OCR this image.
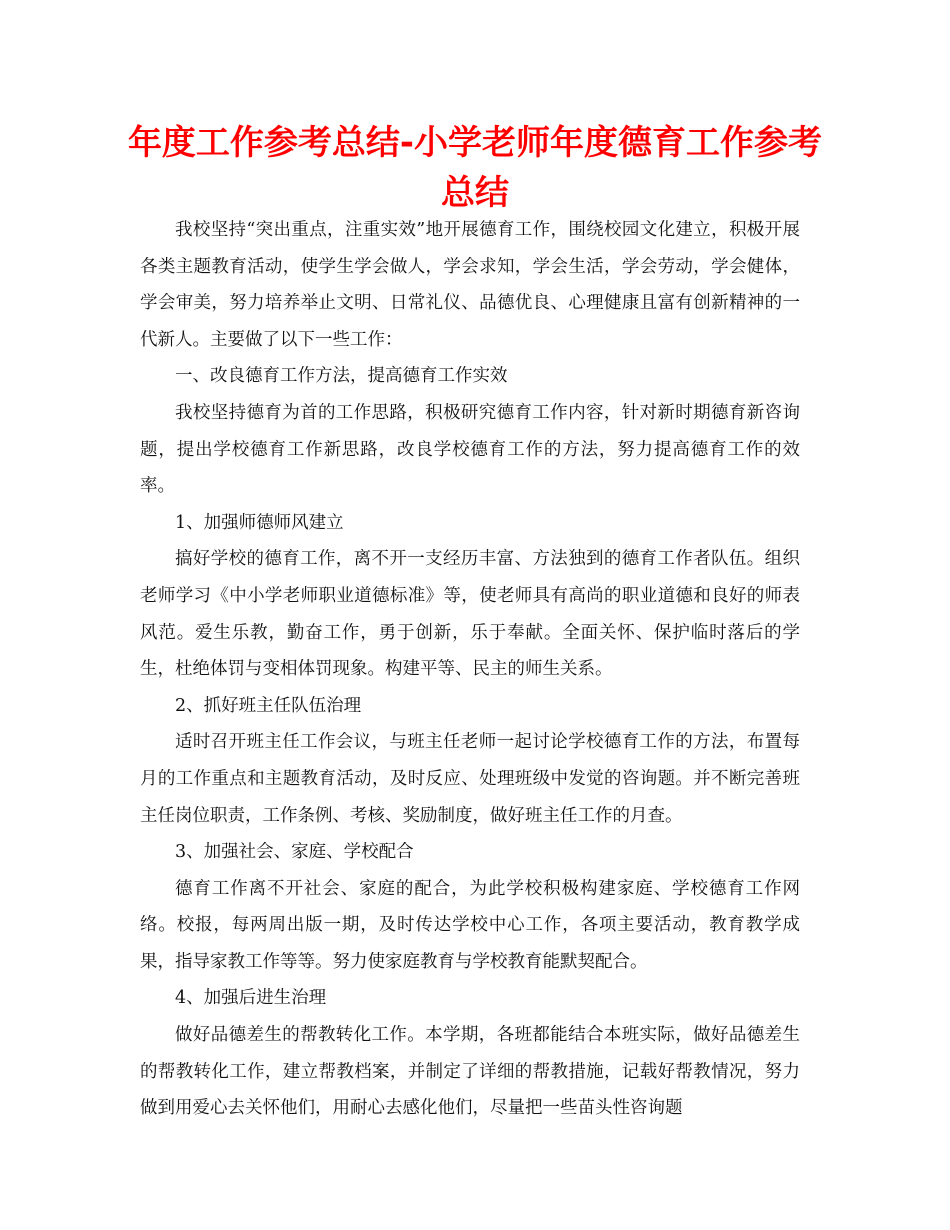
年度工作参考总结-小学老师年度德育工作参考总结

我校坚持“突出重点，注重实效”地开展德育工作，围绕校园文化建立，积极开展各类主题教育活动，使学生学会做人，学会求知，学会生活，学会劳动，学会健体，学会审美，努力培养举止文明、日常礼仪、品德优良、心理健康且富有创新精神的一代新人。主要做了以下一些工作：

一、改良德育工作方法，提高德育工作实效

我校坚持德育为首的工作思路，积极研究德育工作内容，针对新时期德育新咨询题，提出学校德育工作新思路，改良学校德育工作的方法，努力提高德育工作的效率。

1、加强师德师风建立

搞好学校的德育工作，离不开一支经历丰富、方法独到的德育工作者队伍。组织老师学习《中小学老师职业道德标准》等，使老师具有高尚的职业道德和良好的师表风范。爱生乐教，勤奋工作，勇于创新，乐于奉献。全面关怀、保护临时落后的学生，杜绝体罚与变相体罚现象。构建平等、民主的师生关系。

2、抓好班主任队伍治理

适时召开班主任工作会议，与班主任老师一起讨论学校德育工作的方法，布置每月的工作重点和主题教育活动，及时反应、处理班级中发觉的咨询题。并不断完善班主任岗位职责，工作条例、考核、奖励制度，做好班主任工作的月查。

3、加强社会、家庭、学校配合

德育工作离不开社会、家庭的配合，为此学校积极构建家庭、学校德育工作网络。校报，每两周出版一期，及时传达学校中心工作，各项主要活动，教育教学成果，指导家教工作等等。努力使家庭教育与学校教育能默契配合。

4、加强后进生治理

做好品德差生的帮教转化工作。本学期，各班都能结合本班实际，做好品德差生的帮教转化工作，建立帮教档案，并制定了详细的帮教措施，记载好帮教情况，努力做到用爱心去关怀他们，用耐心去感化他们，尽量把一些苗头性咨询题
